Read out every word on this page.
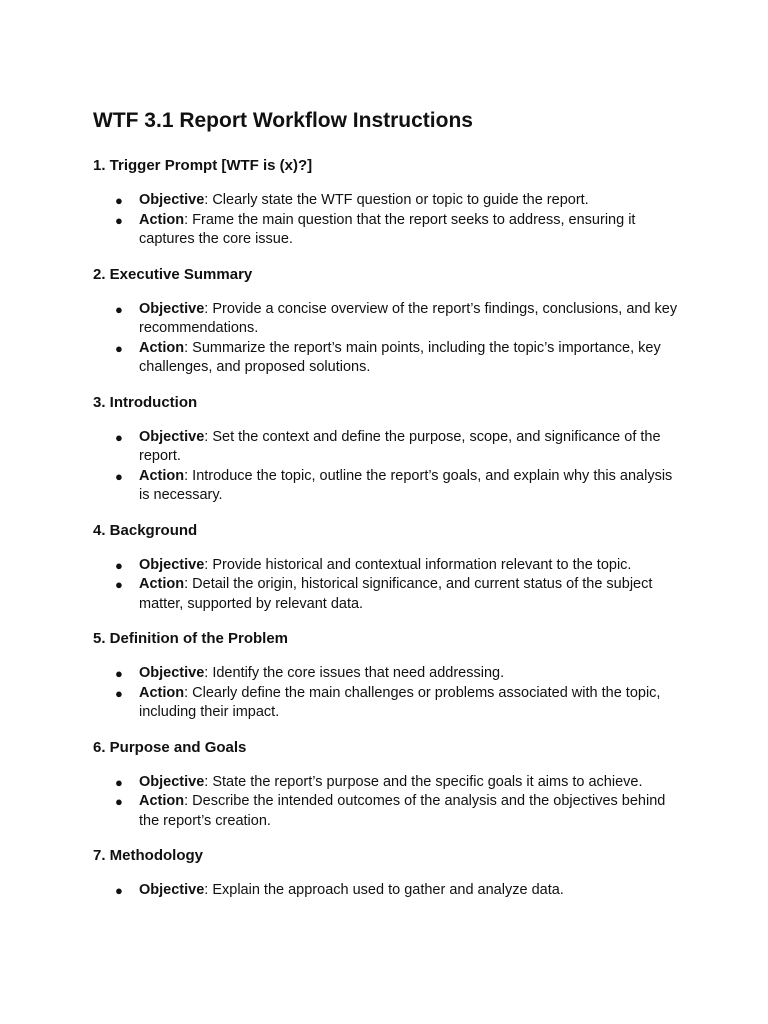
WTF 3.1 Report Workflow Instructions
1. Trigger Prompt [WTF is (x)?]
● Objective: Clearly state the WTF question or topic to guide the report.
● Action: Frame the main question that the report seeks to address, ensuring it captures the core issue.
2. Executive Summary
● Objective: Provide a concise overview of the report’s findings, conclusions, and key recommendations.
● Action: Summarize the report’s main points, including the topic’s importance, key challenges, and proposed solutions.
3. Introduction
● Objective: Set the context and define the purpose, scope, and significance of the report.
● Action: Introduce the topic, outline the report’s goals, and explain why this analysis is necessary.
4. Background
● Objective: Provide historical and contextual information relevant to the topic.
● Action: Detail the origin, historical significance, and current status of the subject matter, supported by relevant data.
5. Definition of the Problem
● Objective: Identify the core issues that need addressing.
● Action: Clearly define the main challenges or problems associated with the topic, including their impact.
6. Purpose and Goals
● Objective: State the report’s purpose and the specific goals it aims to achieve.
● Action: Describe the intended outcomes of the analysis and the objectives behind the report’s creation.
7. Methodology
● Objective: Explain the approach used to gather and analyze data.
